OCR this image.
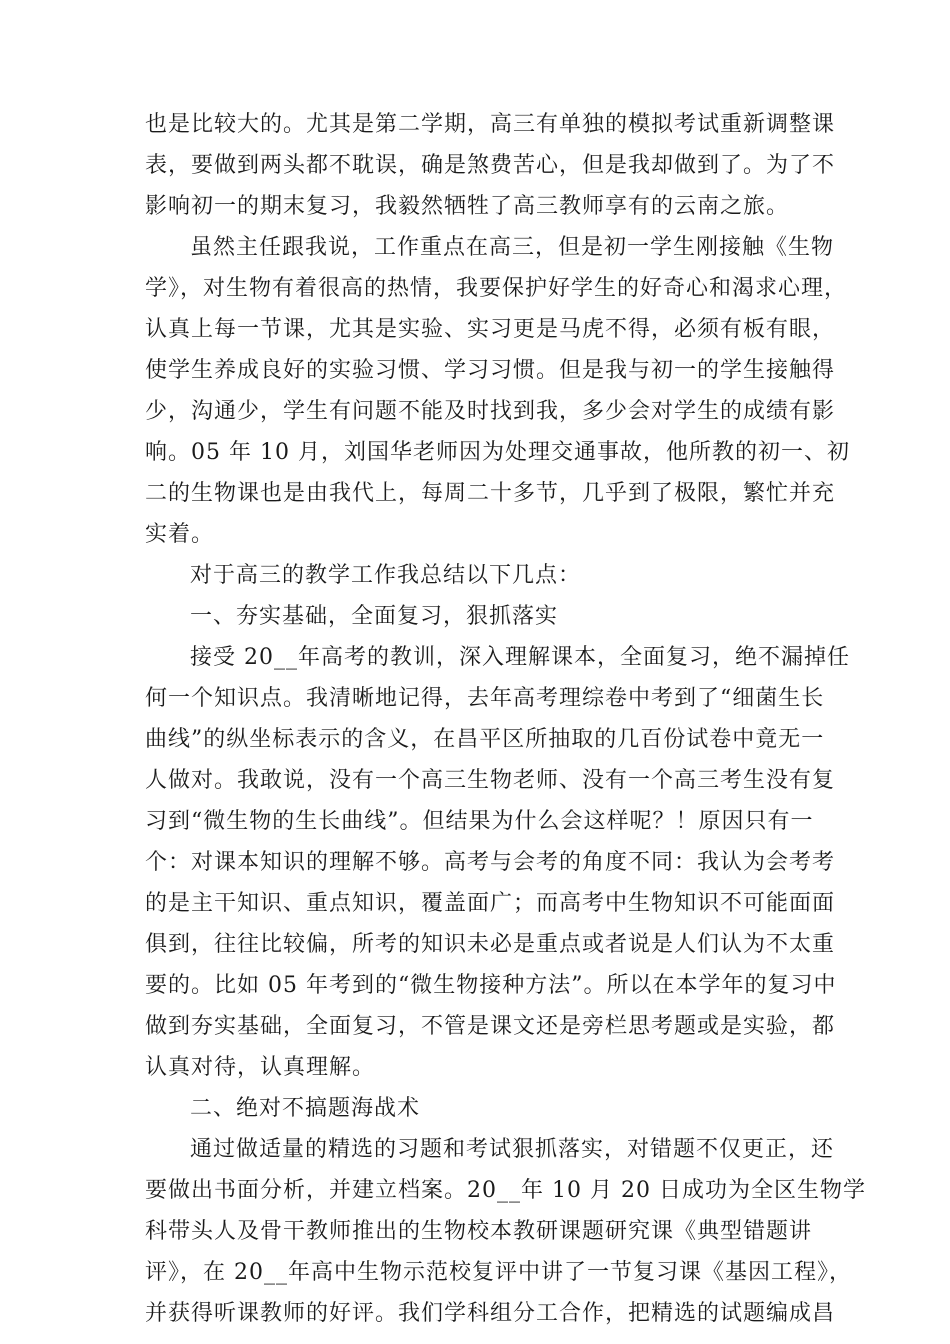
也是比较大的。尤其是第二学期，高三有单独的模拟考试重新调整课
表，要做到两头都不耽误，确是煞费苦心，但是我却做到了。为了不
影响初一的期末复习，我毅然牺牲了高三教师享有的云南之旅。
虽然主任跟我说，工作重点在高三，但是初一学生刚接触《生物
学》，对生物有着很高的热情，我要保护好学生的好奇心和渴求心理，
认真上每一节课，尤其是实验、实习更是马虎不得，必须有板有眼，
使学生养成良好的实验习惯、学习习惯。但是我与初一的学生接触得
少，沟通少，学生有问题不能及时找到我，多少会对学生的成绩有影
响。05 年 10 月，刘国华老师因为处理交通事故，他所教的初一、初
二的生物课也是由我代上，每周二十多节，几乎到了极限，繁忙并充
实着。
对于高三的教学工作我总结以下几点：
一、夯实基础，全面复习，狠抓落实
接受 20__年高考的教训，深入理解课本，全面复习，绝不漏掉任
何一个知识点。我清晰地记得，去年高考理综卷中考到了“细菌生长
曲线”的纵坐标表示的含义，在昌平区所抽取的几百份试卷中竟无一
人做对。我敢说，没有一个高三生物老师、没有一个高三考生没有复
习到“微生物的生长曲线”。但结果为什么会这样呢？！原因只有一
个：对课本知识的理解不够。高考与会考的角度不同：我认为会考考
的是主干知识、重点知识，覆盖面广；而高考中生物知识不可能面面
俱到，往往比较偏，所考的知识未必是重点或者说是人们认为不太重
要的。比如 05 年考到的“微生物接种方法”。所以在本学年的复习中
做到夯实基础，全面复习，不管是课文还是旁栏思考题或是实验，都
认真对待，认真理解。
二、绝对不搞题海战术
通过做适量的精选的习题和考试狠抓落实，对错题不仅更正，还
要做出书面分析，并建立档案。20__年 10 月 20 日成功为全区生物学
科带头人及骨干教师推出的生物校本教研课题研究课《典型错题讲
评》，在 20__年高中生物示范校复评中讲了一节复习课《基因工程》，
并获得听课教师的好评。我们学科组分工合作，把精选的试题编成昌
